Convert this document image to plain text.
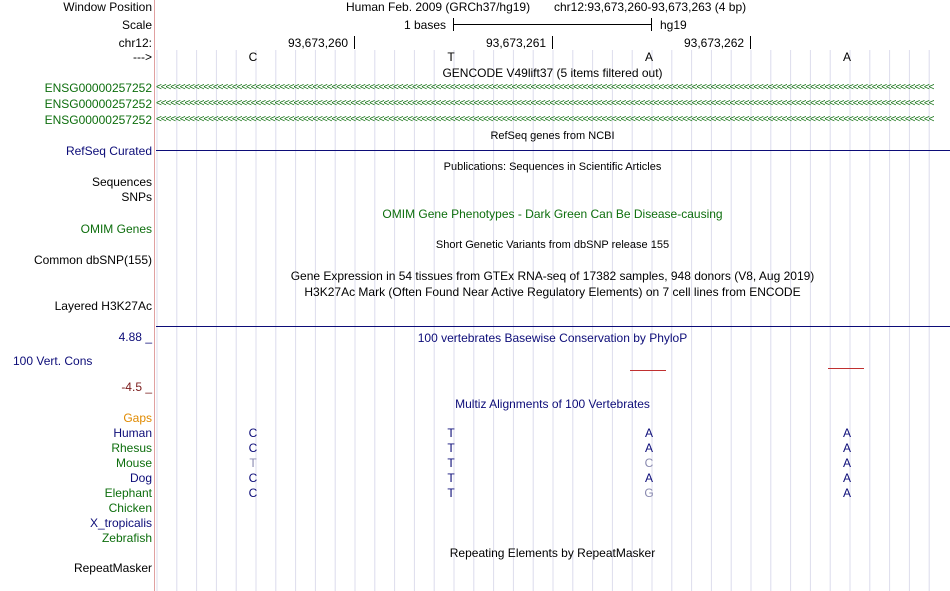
Window Position	Human Feb. 2009 (GRCh37/hg19) chr12:93,673,260-93,673,263 (4 bp)
Scale	1 bases	hg19
chr12:	93,673,260	93,673,261	93,673,262
--->	C	T	A	A
GENCODE V49lift37 (5 items filtered out)
ENSG00000257252 <<<<<<<<<<<<<<<<<<<<<<<<<<<<<<<<<<<<<<<<<<<<<<<<<<<<<<<<<<<<<<<<<<<<<<<<<<<<<<<<<<<<<<<<<<<<<<<<<<<<<<<<<<<<<<<<<<<<<<<<<<<<<<<<<<<<<<<<<<<<<<<<<<<<<<<<<<<<<<<<<<<<
ENSG00000257252 <<<<<<<<<<<<<<<<<<<<<<<<<<<<<<<<<<<<<<<<<<<<<<<<<<<<<<<<<<<<<<<<<<<<<<<<<<<<<<<<<<<<<<<<<<<<<<<<<<<<<<<<<<<<<<<<<<<<<<<<<<<<<<<<<<<<<<<<<<<<<<<<<<<<<<<<<<<<<<<<<<<<
ENSG00000257252 <<<<<<<<<<<<<<<<<<<<<<<<<<<<<<<<<<<<<<<<<<<<<<<<<<<<<<<<<<<<<<<<<<<<<<<<<<<<<<<<<<<<<<<<<<<<<<<<<<<<<<<<<<<<<<<<<<<<<<<<<<<<<<<<<<<<<<<<<<<<<<<<<<<<<<<<<<<<<<<<<<<<
RefSeq genes from NCBI
RefSeq Curated
Publications: Sequences in Scientific Articles
Sequences
SNPs
OMIM Gene Phenotypes - Dark Green Can Be Disease-causing
OMIM Genes
Short Genetic Variants from dbSNP release 155
Common dbSNP(155)
Gene Expression in 54 tissues from GTEx RNA-seq of 17382 samples, 948 donors (V8, Aug 2019)
H3K27Ac Mark (Often Found Near Active Regulatory Elements) on 7 cell lines from ENCODE
Layered H3K27Ac
4.88 _	100 vertebrates Basewise Conservation by PhyloP
100 Vert. Cons
-4.5 _
Multiz Alignments of 100 Vertebrates
Gaps
Human	C	T	A	A
Rhesus	C	T	A	A
Mouse	T	T	C	A
Dog	C	T	A	A
Elephant	C	T	G	A
Chicken
X_tropicalis
Zebrafish
Repeating Elements by RepeatMasker
RepeatMasker
